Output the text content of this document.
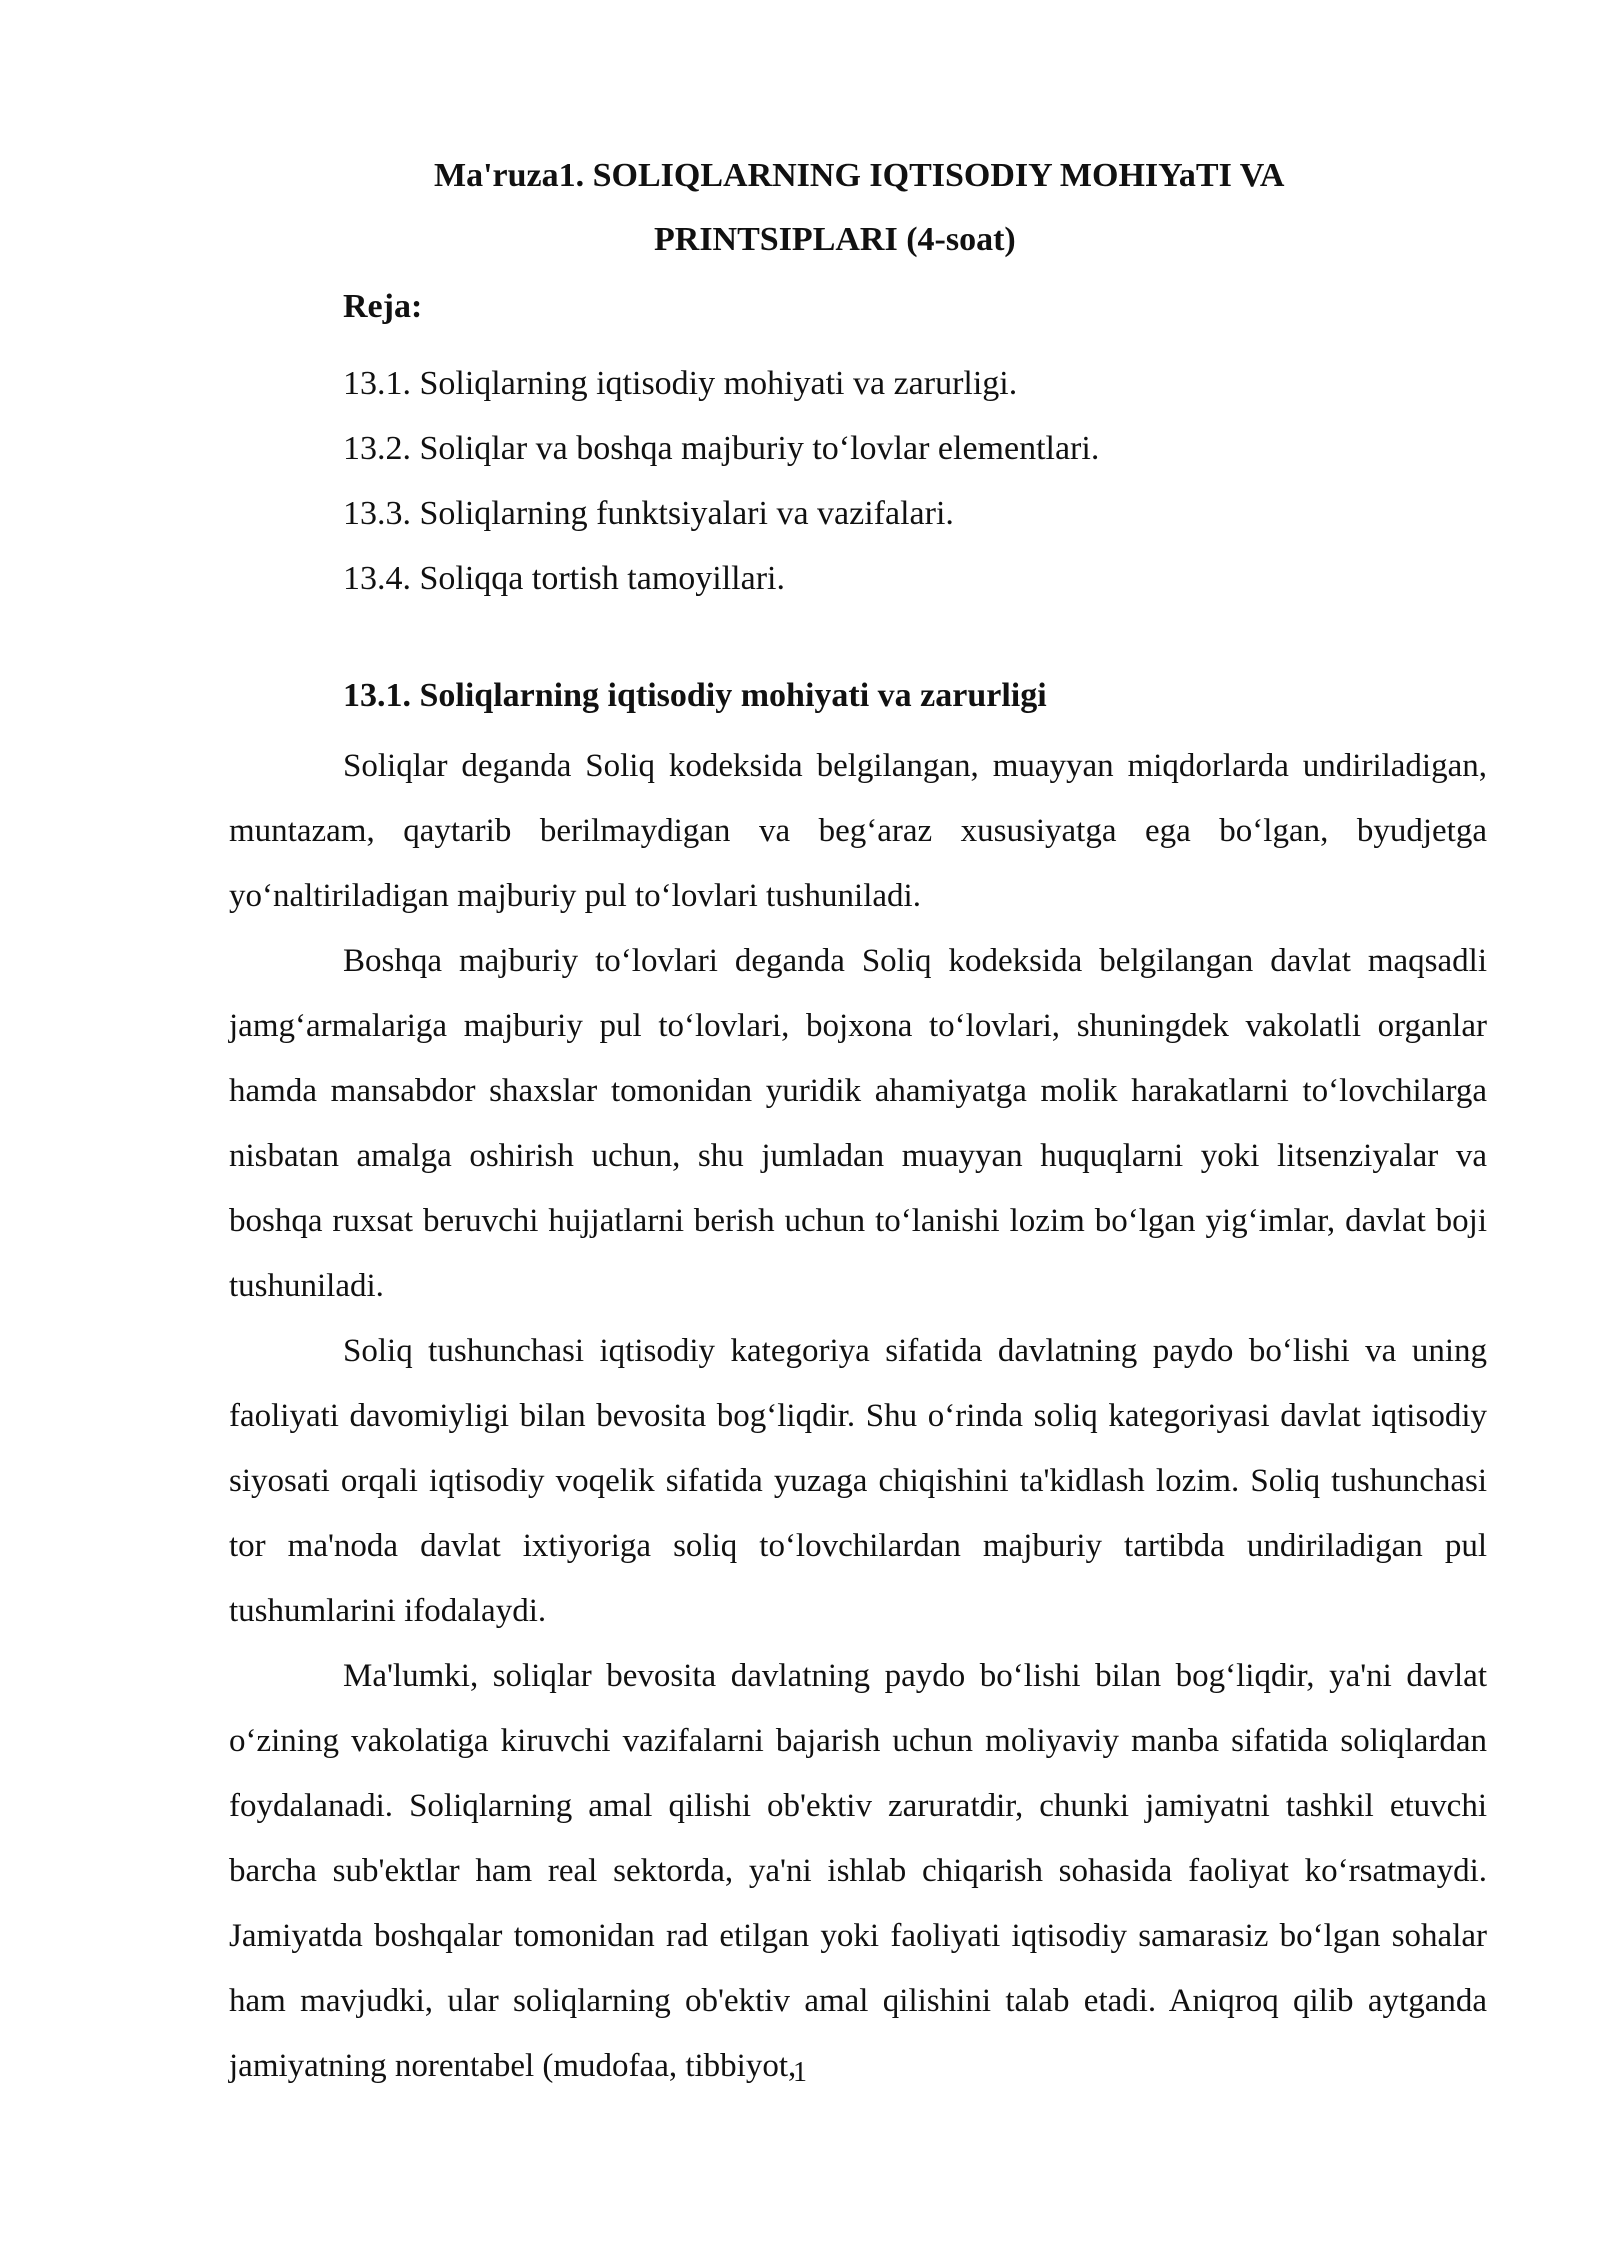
Ma'ruza1. SOLIQLARNING IQTISODIY MOHIYaTI VA
PRINTSIPLARI (4-soat)
Reja:
13.1. Soliqlarning iqtisodiy mohiyati va zarurligi.
13.2. Soliqlar va boshqa majburiy to‘lovlar elementlari.
13.3. Soliqlarning funktsiyalari va vazifalari.
13.4. Soliqqa tortish tamoyillari.
13.1. Soliqlarning iqtisodiy mohiyati va zarurligi

Soliqlar deganda Soliq kodeksida belgilangan, muayyan miqdorlarda undiriladigan, muntazam, qaytarib berilmaydigan va beg‘araz xususiyatga ega bo‘lgan, byudjetga yo‘naltiriladigan majburiy pul to‘lovlari tushuniladi.

Boshqa majburiy to‘lovlari deganda Soliq kodeksida belgilangan davlat maqsadli jamg‘armalariga majburiy pul to‘lovlari, bojxona to‘lovlari, shuningdek vakolatli organlar hamda mansabdor shaxslar tomonidan yuridik ahamiyatga molik harakatlarni to‘lovchilarga nisbatan amalga oshirish uchun, shu jumladan muayyan huquqlarni yoki litsenziyalar va boshqa ruxsat beruvchi hujjatlarni berish uchun to‘lanishi lozim bo‘lgan yig‘imlar, davlat boji tushuniladi.

Soliq tushunchasi iqtisodiy kategoriya sifatida davlatning paydo bo‘lishi va uning faoliyati davomiyligi bilan bevosita bog‘liqdir. Shu o‘rinda soliq kategoriyasi davlat iqtisodiy siyosati orqali iqtisodiy voqelik sifatida yuzaga chiqishini ta'kidlash lozim. Soliq tushunchasi tor ma'noda davlat ixtiyoriga soliq to‘lovchilardan majburiy tartibda undiriladigan pul tushumlarini ifodalaydi.

Ma'lumki, soliqlar bevosita davlatning paydo bo‘lishi bilan bog‘liqdir, ya'ni davlat o‘zining vakolatiga kiruvchi vazifalarni bajarish uchun moliyaviy manba sifatida soliqlardan foydalanadi. Soliqlarning amal qilishi ob'ektiv zaruratdir, chunki jamiyatni tashkil etuvchi barcha sub'ektlar ham real sektorda, ya'ni ishlab chiqarish sohasida faoliyat ko‘rsatmaydi. Jamiyatda boshqalar tomonidan rad etilgan yoki faoliyati iqtisodiy samarasiz bo‘lgan sohalar ham mavjudki, ular soliqlarning ob'ektiv amal qilishini talab etadi. Aniqroq qilib aytganda jamiyatning norentabel (mudofaa, tibbiyot,

1
